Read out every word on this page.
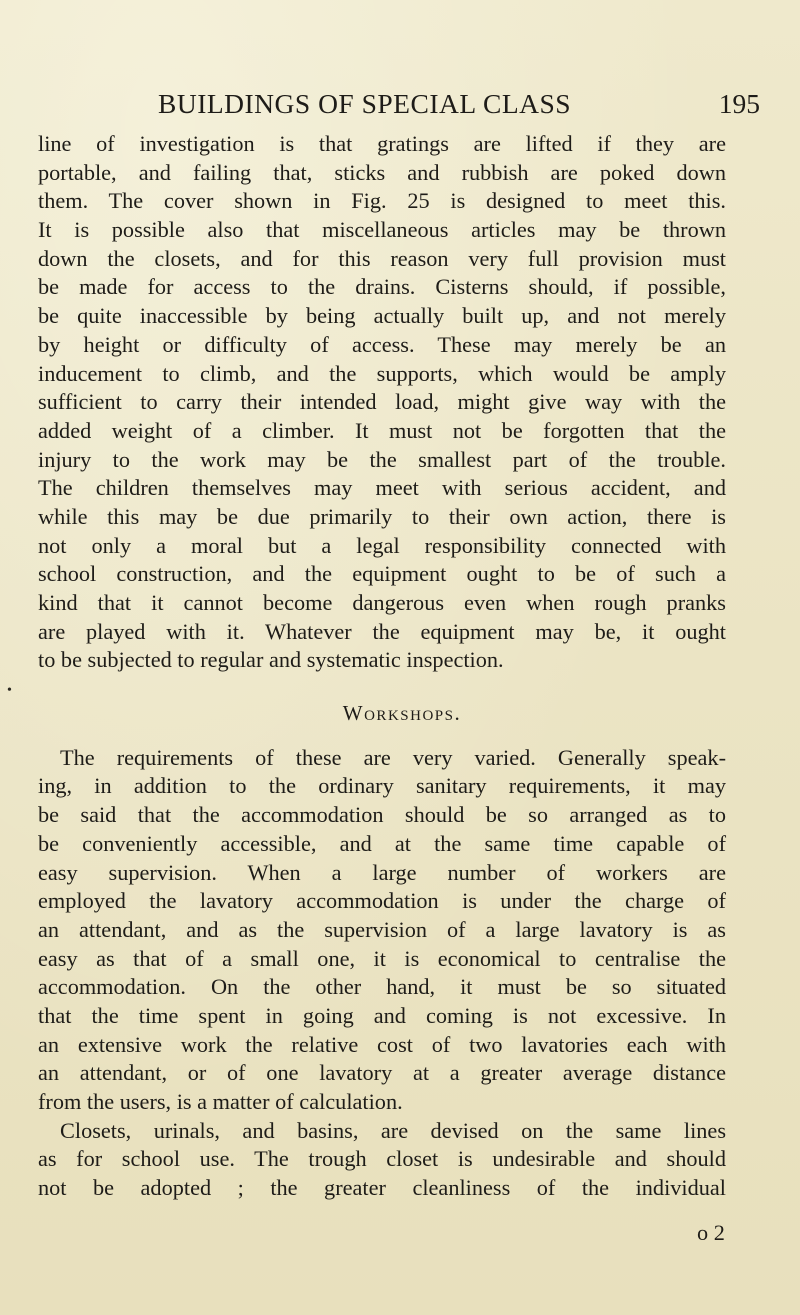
BUILDINGS OF SPECIAL CLASS	195
•
line of investigation is that gratings are lifted if they are
portable, and failing that, sticks and rubbish are poked down
them. The cover shown in Fig. 25 is designed to meet this.
It is possible also that miscellaneous articles may be thrown
down the closets, and for this reason very full provision must
be made for access to the drains. Cisterns should, if possible,
be quite inaccessible by being actually built up, and not merely
by height or difficulty of access. These may merely be an
inducement to climb, and the supports, which would be amply
sufficient to carry their intended load, might give way with the
added weight of a climber. It must not be forgotten that the
injury to the work may be the smallest part of the trouble.
The children themselves may meet with serious accident, and
while this may be due primarily to their own action, there is
not only a moral but a legal responsibility connected with
school construction, and the equipment ought to be of such a
kind that it cannot become dangerous even when rough pranks
are played with it. Whatever the equipment may be, it ought
to be subjected to regular and systematic inspection.
Workshops.
The requirements of these are very varied. Generally speak-
ing, in addition to the ordinary sanitary requirements, it may
be said that the accommodation should be so arranged as to
be conveniently accessible, and at the same time capable of
easy supervision. When a large number of workers are
employed the lavatory accommodation is under the charge of
an attendant, and as the supervision of a large lavatory is as
easy as that of a small one, it is economical to centralise the
accommodation. On the other hand, it must be so situated
that the time spent in going and coming is not excessive. In
an extensive work the relative cost of two lavatories each with
an attendant, or of one lavatory at a greater average distance
from the users, is a matter of calculation.
Closets, urinals, and basins, are devised on the same lines
as for school use. The trough closet is undesirable and should
not be adopted ; the greater cleanliness of the individual
o 2
